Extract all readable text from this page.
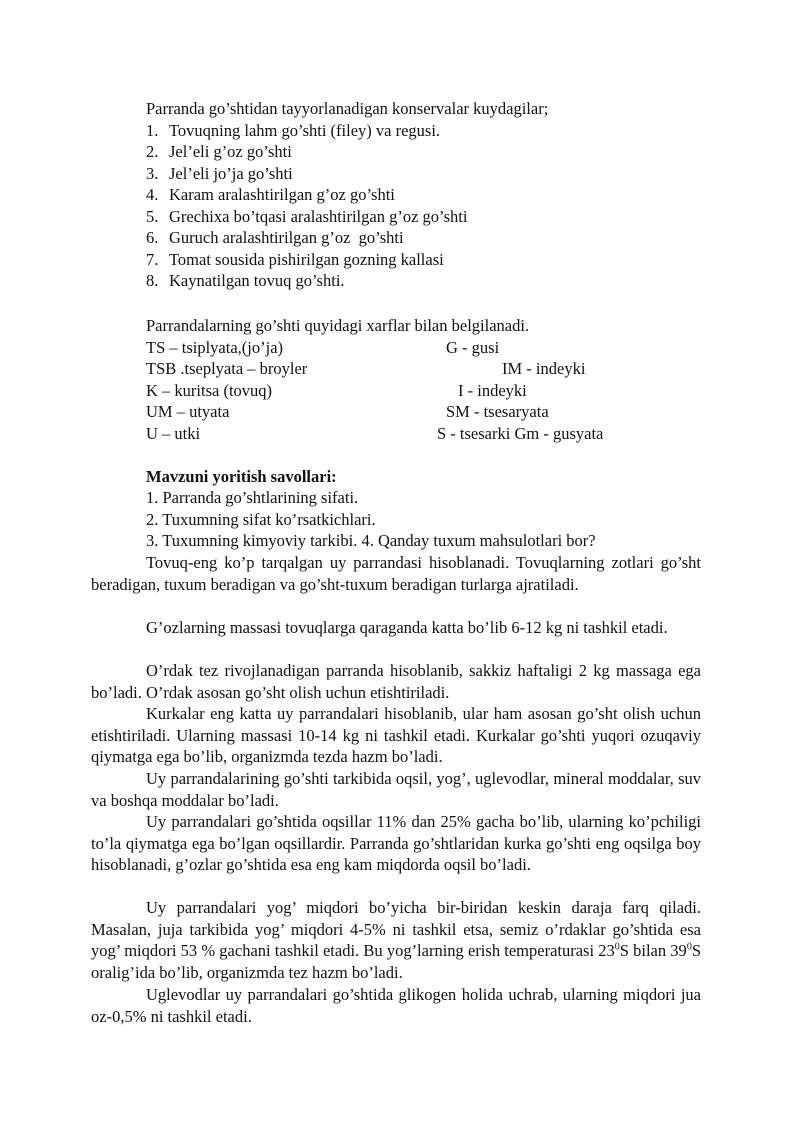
Parranda go’shtidan tayyorlanadigan konservalar kuydagilar;
1. Tovuqning lahm go’shti (filey) va regusi.
2. Jel’eli g’oz go’shti
3. Jel’eli jo’ja go’shti
4. Karam aralashtirilgan g’oz go’shti
5. Grechixa bo’tqasi aralashtirilgan g’oz go’shti
6. Guruch aralashtirilgan g’oz  go’shti
7. Tomat sousida pishirilgan gozning kallasi
8. Kaynatilgan tovuq go’shti.
Parrandalarning go’shti quyidagi xarflar bilan belgilanadi.
TS – tsiplyata,(jo’ja)	G - gusi
TSB .tseplyata – broyler	IM - indeyki
K – kuritsa (tovuq)	I - indeyki
UM – utyata	SM - tsesaryata
U – utki	S - tsesarki Gm - gusyata
Mavzuni yoritish savollari:
1. Parranda go’shtlarining sifati.
2. Tuxumning sifat ko’rsatkichlari.
3. Tuxumning kimyoviy tarkibi. 4. Qanday tuxum mahsulotlari bor?
Tovuq-eng ko’p tarqalgan uy parrandasi hisoblanadi. Tovuqlarning zotlari go’sht beradigan, tuxum beradigan va go’sht-tuxum beradigan turlarga ajratiladi.
G’ozlarning massasi tovuqlarga qaraganda katta bo’lib 6-12 kg ni tashkil etadi.
O’rdak tez rivojlanadigan parranda hisoblanib, sakkiz haftaligi 2 kg massaga ega bo’ladi. O’rdak asosan go’sht olish uchun etishtiriladi.
Kurkalar eng katta uy parrandalari hisoblanib, ular ham asosan go’sht olish uchun etishtiriladi. Ularning massasi 10-14 kg ni tashkil etadi. Kurkalar go’shti yuqori ozuqaviy qiymatga ega bo’lib, organizmda tezda hazm bo’ladi.
Uy parrandalarining go’shti tarkibida oqsil, yog’, uglevodlar, mineral moddalar, suv va boshqa moddalar bo’ladi.
Uy parrandalari go’shtida oqsillar 11% dan 25% gacha bo’lib, ularning ko’pchiligi to’la qiymatga ega bo’lgan oqsillardir. Parranda go’shtlaridan kurka go’shti eng oqsilga boy hisoblanadi, g’ozlar go’shtida esa eng kam miqdorda oqsil bo’ladi.
Uy parrandalari yog’ miqdori bo’yicha bir-biridan keskin daraja farq qiladi. Masalan, juja tarkibida yog’ miqdori 4-5% ni tashkil etsa, semiz o’rdaklar go’shtida esa yog’ miqdori 53 % gachani tashkil etadi. Bu yog’larning erish temperaturasi $23^0S$ bilan $39^0S$ oralig’ida bo’lib, organizmda tez hazm bo’ladi.
Uglevodlar uy parrandalari go’shtida glikogen holida uchrab, ularning miqdori jua oz-0,5% ni tashkil etadi.
